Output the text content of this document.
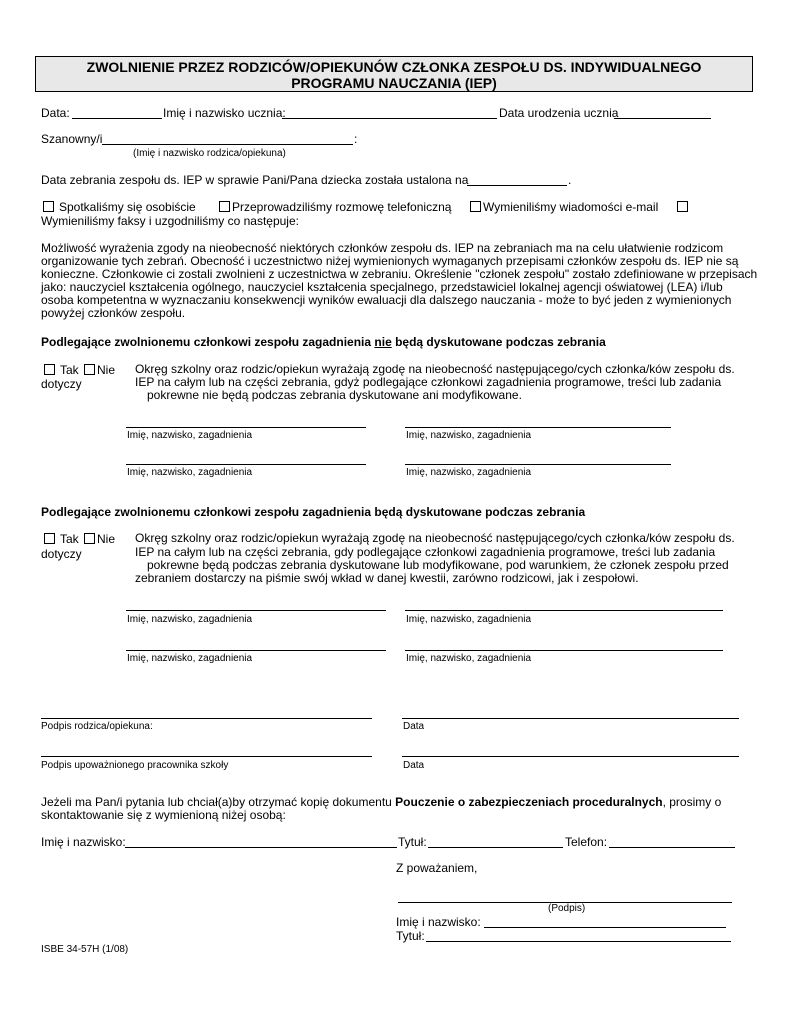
ZWOLNIENIE PRZEZ RODZICÓW/OPIEKUNÓW CZŁONKA ZESPOŁU DS. INDYWIDUALNEGO
PROGRAMU NAUCZANIA (IEP)
Data:	Imię i nazwisko ucznia:	Data urodzenia ucznia
Szanowny/i	:
(Imię i nazwisko rodzica/opiekuna)
Data zebrania zespołu ds. IEP w sprawie Pani/Pana dziecka została ustalona na	.
Spotkaliśmy się osobiście	Przeprowadziliśmy rozmowę telefoniczną	Wymieniliśmy wiadomości e-mail
Wymieniliśmy faksy i uzgodniliśmy co następuje:
Możliwość wyrażenia zgody na nieobecność niektórych członków zespołu ds. IEP na zebraniach ma na celu ułatwienie rodzicom
organizowanie tych zebrań. Obecność i uczestnictwo niżej wymienionych wymaganych przepisami członków zespołu ds. IEP nie są
konieczne. Członkowie ci zostali zwolnieni z uczestnictwa w zebraniu. Określenie "członek zespołu" zostało zdefiniowane w przepisach
jako: nauczyciel kształcenia ogólnego, nauczyciel kształcenia specjalnego, przedstawiciel lokalnej agencji oświatowej (LEA) i/lub
osoba kompetentna w wyznaczaniu konsekwencji wyników ewaluacji dla dalszego nauczania - może to być jeden z wymienionych
powyżej członków zespołu.
Podlegające zwolnionemu członkowi zespołu zagadnienia nie będą dyskutowane podczas zebrania
Tak Nie
dotyczy
Okręg szkolny oraz rodzic/opiekun wyrażają zgodę na nieobecność następującego/cych członka/ków zespołu ds.
IEP na całym lub na części zebrania, gdyż podlegające członkowi zagadnienia programowe, treści lub zadania
pokrewne nie będą podczas zebrania dyskutowane ani modyfikowane.
Imię, nazwisko, zagadnienia	Imię, nazwisko, zagadnienia
Imię, nazwisko, zagadnienia	Imię, nazwisko, zagadnienia
Podlegające zwolnionemu członkowi zespołu zagadnienia będą dyskutowane podczas zebrania
Tak Nie
dotyczy
Okręg szkolny oraz rodzic/opiekun wyrażają zgodę na nieobecność następującego/cych członka/ków zespołu ds.
IEP na całym lub na części zebrania, gdy podlegające członkowi zagadnienia programowe, treści lub zadania
pokrewne będą podczas zebrania dyskutowane lub modyfikowane, pod warunkiem, że członek zespołu przed
zebraniem dostarczy na piśmie swój wkład w danej kwestii, zarówno rodzicowi, jak i zespołowi.
Imię, nazwisko, zagadnienia	Imię, nazwisko, zagadnienia
Imię, nazwisko, zagadnienia	Imię, nazwisko, zagadnienia
Podpis rodzica/opiekuna:	Data
Podpis upoważnionego pracownika szkoły	Data
Jeżeli ma Pan/i pytania lub chciał(a)by otrzymać kopię dokumentu Pouczenie o zabezpieczeniach proceduralnych, prosimy o
skontaktowanie się z wymienioną niżej osobą:
Imię i nazwisko:	Tytuł:	Telefon:
Z poważaniem,
(Podpis)
Imię i nazwisko:
Tytuł:
ISBE 34-57H (1/08)
